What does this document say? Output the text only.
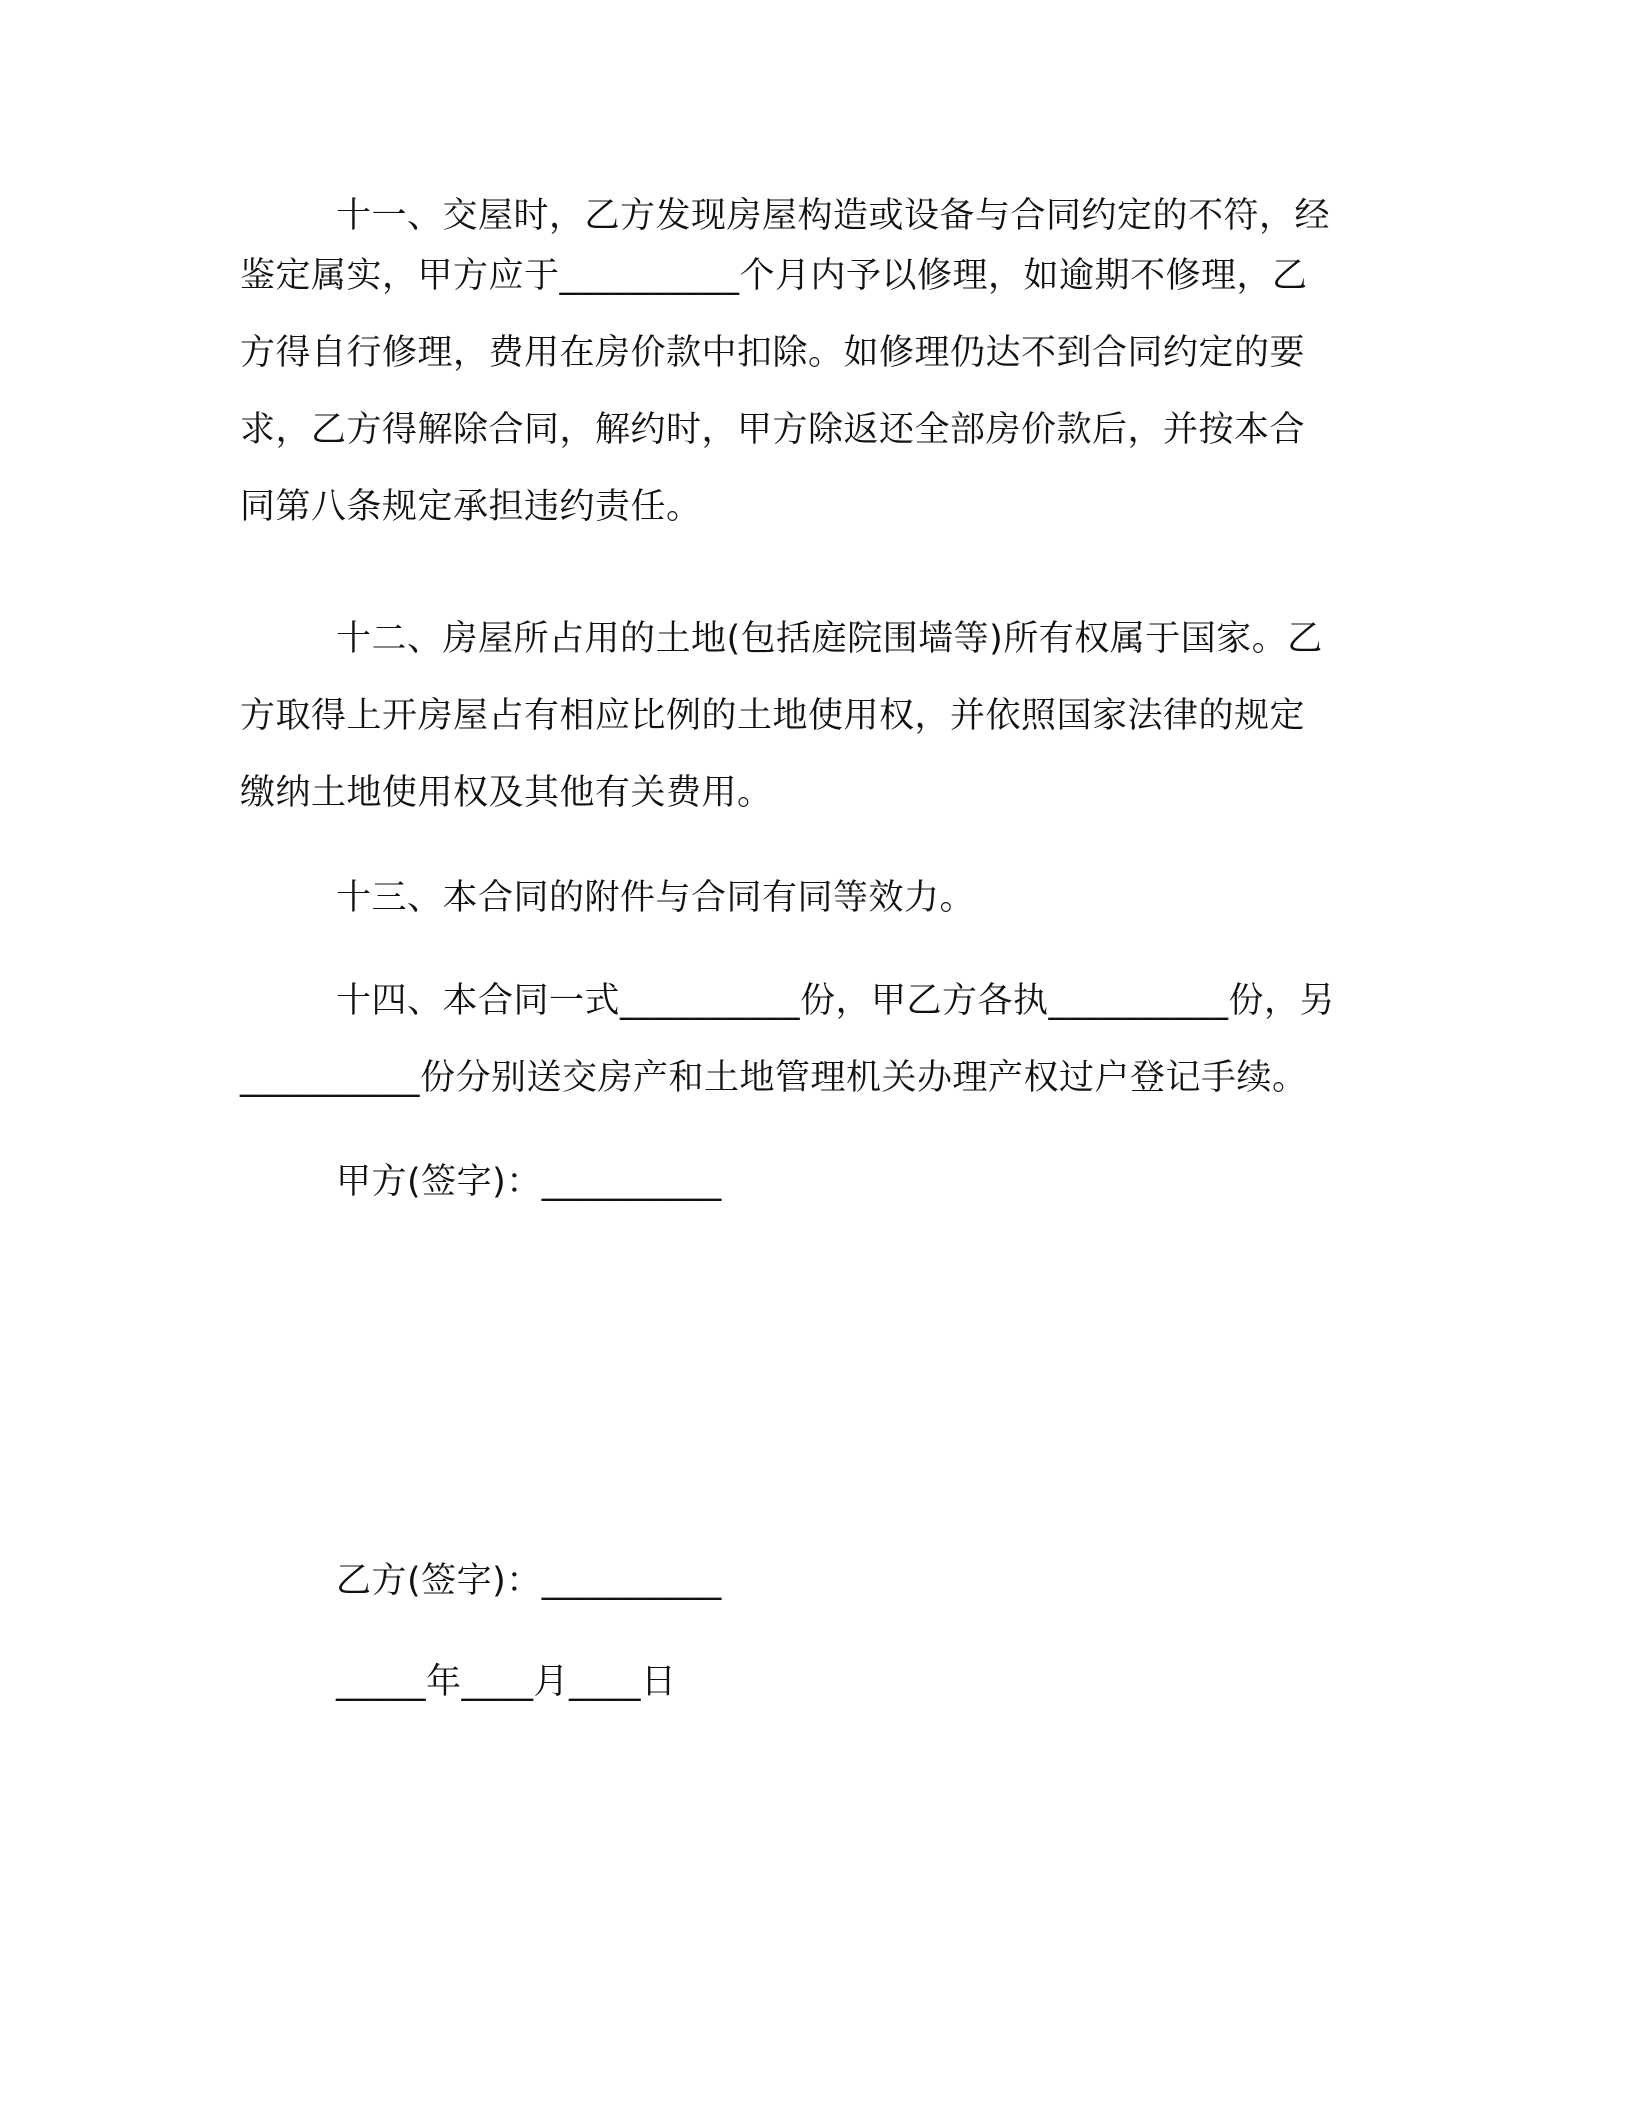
十一、交屋时，乙方发现房屋构造或设备与合同约定的不符，经
鉴定属实，甲方应于__________个月内予以修理，如逾期不修理，乙
方得自行修理，费用在房价款中扣除。如修理仍达不到合同约定的要
求，乙方得解除合同，解约时，甲方除返还全部房价款后，并按本合
同第八条规定承担违约责任。
十二、房屋所占用的土地(包括庭院围墙等)所有权属于国家。乙
方取得上开房屋占有相应比例的土地使用权，并依照国家法律的规定
缴纳土地使用权及其他有关费用。
十三、本合同的附件与合同有同等效力。
十四、本合同一式__________份，甲乙方各执__________份，另
__________份分别送交房产和土地管理机关办理产权过户登记手续。

甲方(签字)：__________

乙方(签字)：__________

_____年____月____日
